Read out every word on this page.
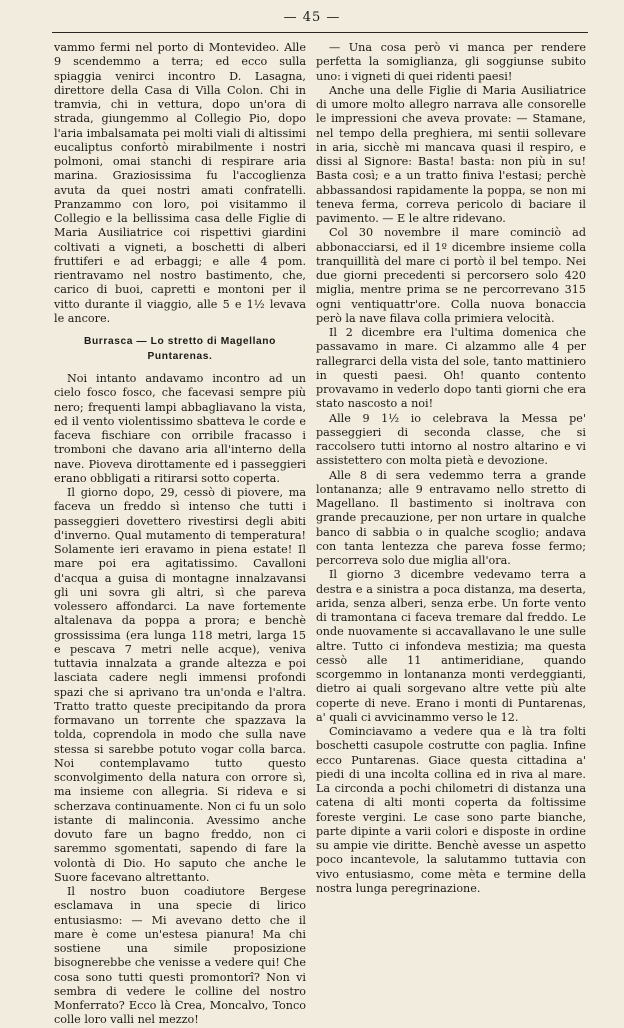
— 45 —

vammo fermi nel porto di Montevideo. Alle 9 scendemmo a terra; ed ecco sulla spiaggia venirci incontro D. Lasagna, direttore della Casa di Villa Colon. Chi in tramvia, chi in vettura, dopo un'ora di strada, giungemmo al Collegio Pio, dopo l'aria imbalsamata pei molti viali di altissimi eucaliptus confortò mirabilmente i nostri polmoni, omai stanchi di respirare aria marina. Graziosissima fu l'accoglienza avuta da quei nostri amati confratelli. Pranzammo con loro, poi visitammo il Collegio e la bellissima casa delle Figlie di Maria Ausiliatrice coi rispettivi giardini coltivati a vigneti, a boschetti di alberi fruttiferi e ad erbaggi; e alle 4 pom. rientravamo nel nostro bastimento, che, carico di buoi, capretti e montoni per il vitto durante il viaggio, alle 5 e 1½ levava le ancore.

Burrasca — Lo stretto di Magellano
Puntarenas.

Noi intanto andavamo incontro ad un cielo fosco fosco, che facevasi sempre più nero; frequenti lampi abbagliavano la vista, ed il vento violentissimo sbatteva le corde e faceva fischiare con orribile fracasso i tromboni che davano aria all'interno della nave. Pioveva dirottamente ed i passeggieri erano obbligati a ritirarsi sotto coperta.

Il giorno dopo, 29, cessò di piovere, ma faceva un freddo sì intenso che tutti i passeggieri dovettero rivestirsi degli abiti d'inverno. Qual mutamento di temperatura! Solamente ieri eravamo in piena estate! Il mare poi era agitatissimo. Cavalloni d'acqua a guisa di montagne innalzavansi gli uni sovra gli altri, sì che pareva volessero affondarci. La nave fortemente altalenava da poppa a prora; e benchè grossissima (era lunga 118 metri, larga 15 e pescava 7 metri nelle acque), veniva tuttavia innalzata a grande altezza e poi lasciata cadere negli immensi profondi spazi che si aprivano tra un'onda e l'altra. Tratto tratto queste precipitando da prora formavano un torrente che spazzava la tolda, coprendola in modo che sulla nave stessa si sarebbe potuto vogar colla barca. Noi contemplavamo tutto questo sconvolgimento della natura con orrore sì, ma insieme con allegria. Si rideva e si scherzava continuamente. Non ci fu un solo istante di malinconia. Avessimo anche dovuto fare un bagno freddo, non ci saremmo sgomentati, sapendo di fare la volontà di Dio. Ho saputo che anche le Suore facevano altrettanto.

Il nostro buon coadiutore Bergese esclamava in una specie di lirico entusiasmo: — Mi avevano detto che il mare è come un'estesa pianura! Ma chi sostiene una simile proposizione bisognerebbe che venisse a vedere qui! Che cosa sono tutti questi promontorî? Non vi sembra di vedere le colline del nostro Monferrato? Ecco là Crea, Moncalvo, Tonco colle loro valli nel mezzo!

— Una cosa però vi manca per rendere perfetta la somiglianza, gli soggiunse subito uno: i vigneti di quei ridenti paesi!

Anche una delle Figlie di Maria Ausiliatrice di umore molto allegro narrava alle consorelle le impressioni che aveva provate: — Stamane, nel tempo della preghiera, mi sentii sollevare in aria, sicchè mi mancava quasi il respiro, e dissi al Signore: Basta! basta: non più in su! Basta così; e a un tratto finiva l'estasi; perchè abbassandosi rapidamente la poppa, se non mi teneva ferma, correva pericolo di baciare il pavimento. — E le altre ridevano.

Col 30 novembre il mare cominciò ad abbonacciarsi, ed il 1º dicembre insieme colla tranquillità del mare ci portò il bel tempo. Nei due giorni precedenti si percorsero solo 420 miglia, mentre prima se ne percorrevano 315 ogni ventiquattr'ore. Colla nuova bonaccia però la nave filava colla primiera velocità.

Il 2 dicembre era l'ultima domenica che passavamo in mare. Ci alzammo alle 4 per rallegrarci della vista del sole, tanto mattiniero in questi paesi. Oh! quanto contento provavamo in vederlo dopo tanti giorni che era stato nascosto a noi!

Alle 9 1½ io celebrava la Messa pe' passeggieri di seconda classe, che si raccolsero tutti intorno al nostro altarino e vi assistettero con molta pietà e devozione.

Alle 8 di sera vedemmo terra a grande lontananza; alle 9 entravamo nello stretto di Magellano. Il bastimento si inoltrava con grande precauzione, per non urtare in qualche banco di sabbia o in qualche scoglio; andava con tanta lentezza che pareva fosse fermo; percorreva solo due miglia all'ora.

Il giorno 3 dicembre vedevamo terra a destra e a sinistra a poca distanza, ma deserta, arida, senza alberi, senza erbe. Un forte vento di tramontana ci faceva tremare dal freddo. Le onde nuovamente si accavallavano le une sulle altre. Tutto ci infondeva mestizia; ma questa cessò alle 11 antimeridiane, quando scorgemmo in lontananza monti verdeggianti, dietro ai quali sorgevano altre vette più alte coperte di neve. Erano i monti di Puntarenas, a' quali ci avvicinammo verso le 12.

Cominciavamo a vedere qua e là tra folti boschetti casupole costrutte con paglia. Infine ecco Puntarenas. Giace questa cittadina a' piedi di una incolta collina ed in riva al mare. La circonda a pochi chilometri di distanza una catena di alti monti coperta da foltissime foreste vergini. Le case sono parte bianche, parte dipinte a varii colori e disposte in ordine su ampie vie diritte. Benchè avesse un aspetto poco incantevole, la salutammo tuttavia con vivo entusiasmo, come mèta e termine della nostra lunga peregrinazione.
